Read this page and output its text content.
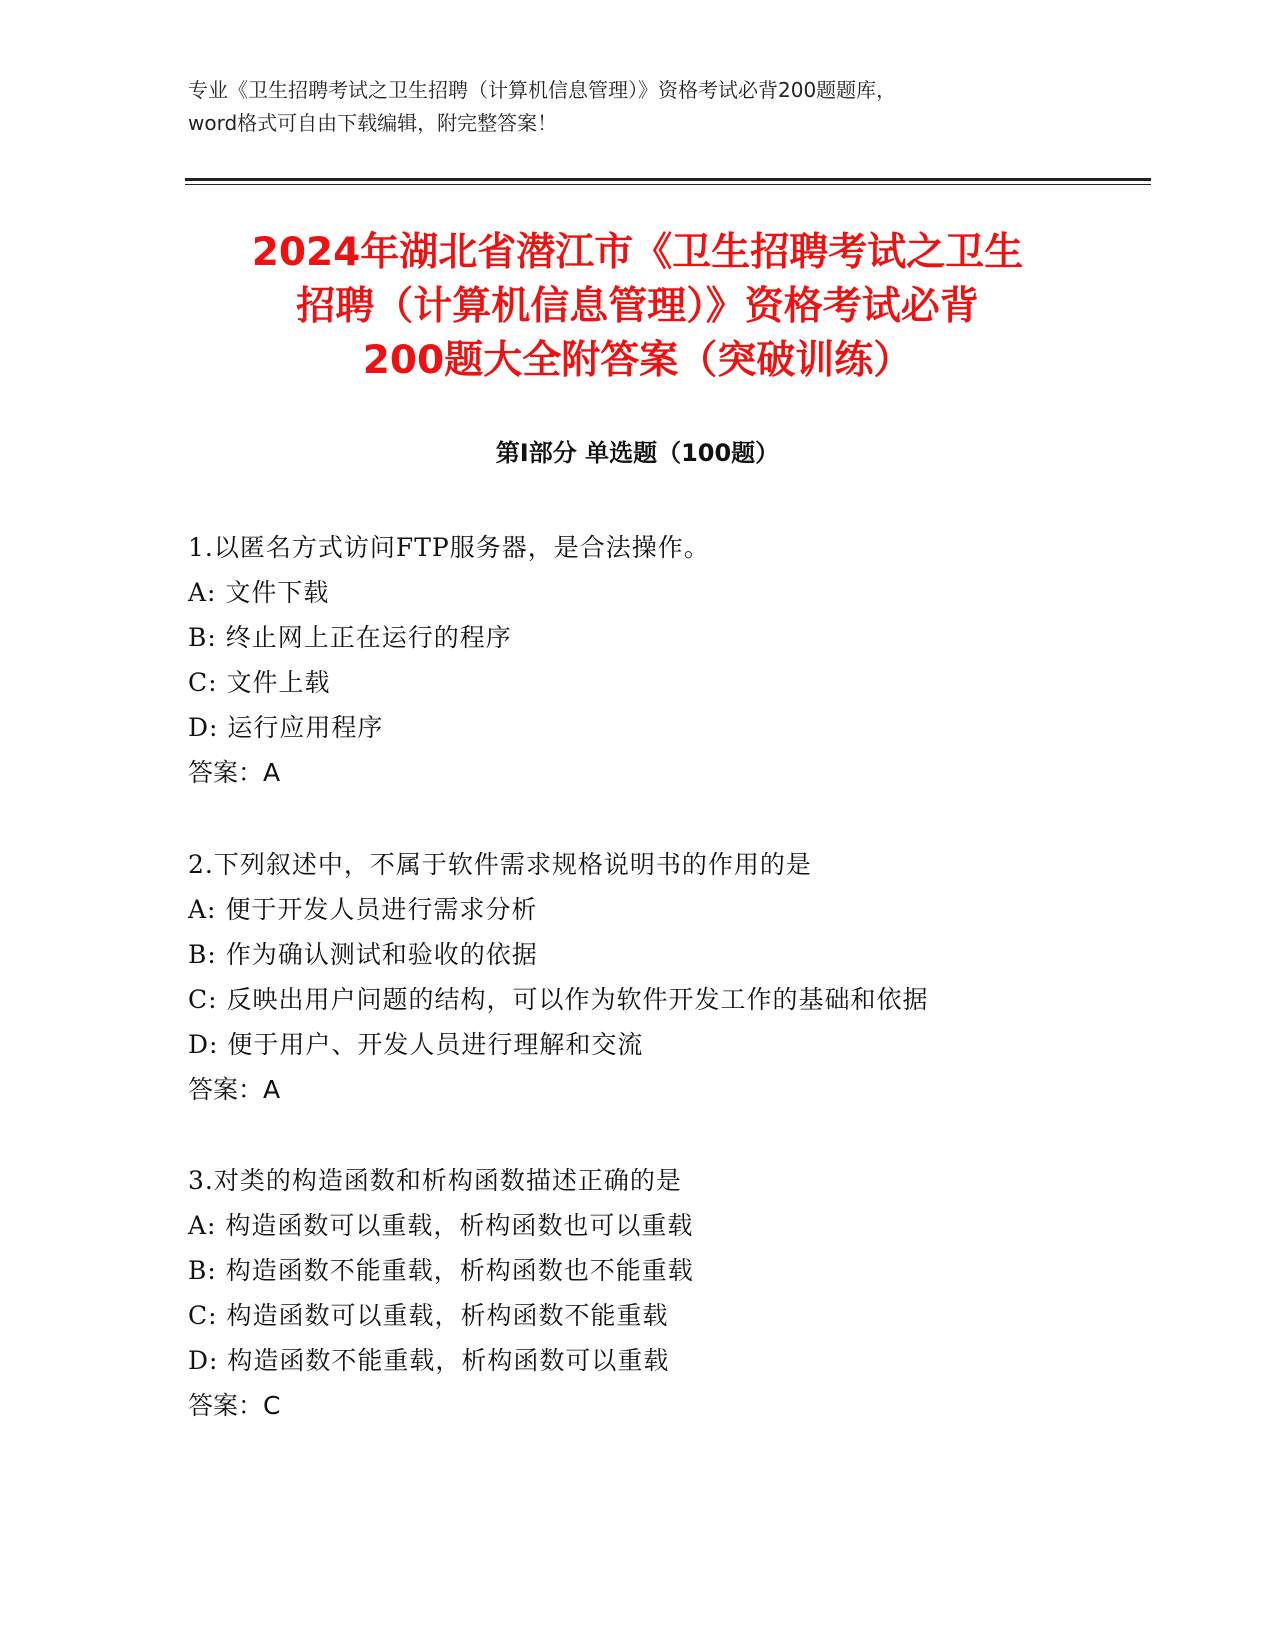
专业《卫生招聘考试之卫生招聘（计算机信息管理）》资格考试必背200题题库，
word格式可自由下载编辑，附完整答案！
2024年湖北省潜江市《卫生招聘考试之卫生
招聘（计算机信息管理）》资格考试必背
200题大全附答案（突破训练）
第I部分 单选题（100题）
1.以匿名方式访问FTP服务器，是合法操作。
A: 文件下载
B: 终止网上正在运行的程序
C: 文件上载
D: 运行应用程序
答案：A
2.下列叙述中，不属于软件需求规格说明书的作用的是
A: 便于开发人员进行需求分析
B: 作为确认测试和验收的依据
C: 反映出用户问题的结构，可以作为软件开发工作的基础和依据
D: 便于用户、开发人员进行理解和交流
答案：A
3.对类的构造函数和析构函数描述正确的是
A: 构造函数可以重载，析构函数也可以重载
B: 构造函数不能重载，析构函数也不能重载
C: 构造函数可以重载，析构函数不能重载
D: 构造函数不能重载，析构函数可以重载
答案：C
